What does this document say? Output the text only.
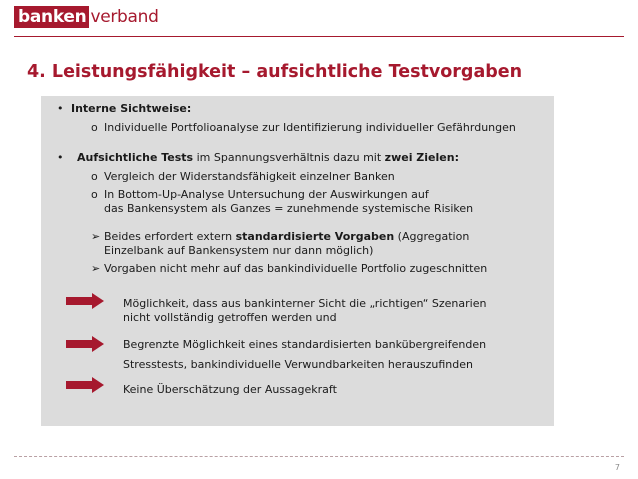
banken verband
4. Leistungsfähigkeit – aufsichtliche Testvorgaben
• Interne Sichtweise:
o Individuelle Portfolioanalyse zur Identifizierung individueller Gefährdungen
• Aufsichtliche Tests im Spannungsverhältnis dazu mit zwei Zielen:
o Vergleich der Widerstandsfähigkeit einzelner Banken
o In Bottom-Up-Analyse Untersuchung der Auswirkungen auf
das Bankensystem als Ganzes = zunehmende systemische Risiken
➢ Beides erfordert extern standardisierte Vorgaben (Aggregation
Einzelbank auf Bankensystem nur dann möglich)
➢ Vorgaben nicht mehr auf das bankindividuelle Portfolio zugeschnitten
Möglichkeit, dass aus bankinterner Sicht die „richtigen“ Szenarien
nicht vollständig getroffen werden und
Begrenzte Möglichkeit eines standardisierten bankübergreifenden
Stresstests, bankindividuelle Verwundbarkeiten herauszufinden
Keine Überschätzung der Aussagekraft
7
